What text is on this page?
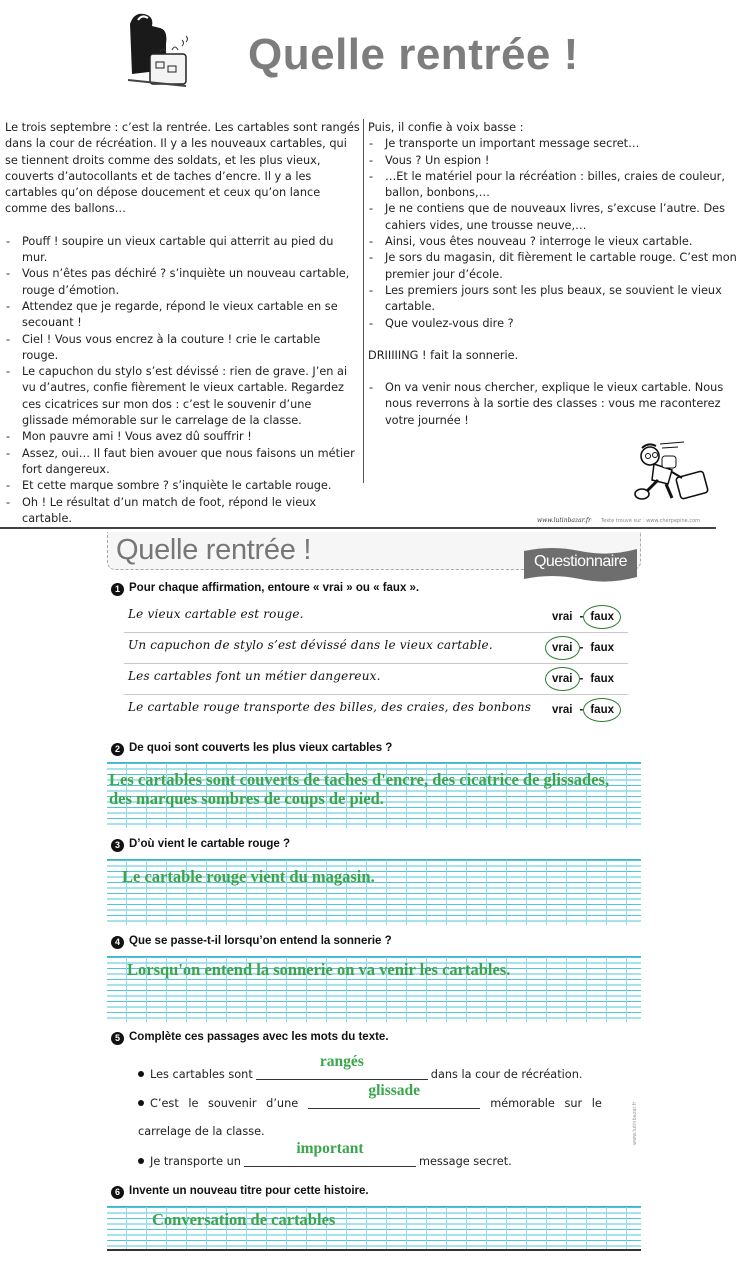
Quelle rentrée !

Le trois septembre : c’est la rentrée. Les cartables sont rangés dans la cour de récréation. Il y a les nouveaux cartables, qui se tiennent droits comme des soldats, et les plus vieux, couverts d’autocollants et de taches d’encre. Il y a les cartables qu’on dépose doucement et ceux qu’on lance comme des ballons…

- Pouff ! soupire un vieux cartable qui atterrit au pied du mur.
- Vous n’êtes pas déchiré ? s’inquiète un nouveau cartable, rouge d’émotion.
- Attendez que je regarde, répond le vieux cartable en se secouant !
- Ciel ! Vous vous encrez à la couture ! crie le cartable rouge.
- Le capuchon du stylo s’est dévissé : rien de grave. J’en ai vu d’autres, confie fièrement le vieux cartable. Regardez ces cicatrices sur mon dos : c’est le souvenir d’une glissade mémorable sur le carrelage de la classe.
- Mon pauvre ami ! Vous avez dû souffrir !
- Assez, oui… Il faut bien avouer que nous faisons un métier fort dangereux.
- Et cette marque sombre ? s’inquiète le cartable rouge.
- Oh ! Le résultat d’un match de foot, répond le vieux cartable.

Puis, il confie à voix basse :

- Je transporte un important message secret…
- Vous ? Un espion !
- …Et le matériel pour la récréation : billes, craies de couleur, ballon, bonbons,…
- Je ne contiens que de nouveaux livres, s’excuse l’autre. Des cahiers vides, une trousse neuve,…
- Ainsi, vous êtes nouveau ? interroge le vieux cartable.
- Je sors du magasin, dit fièrement le cartable rouge. C’est mon premier jour d’école.
- Les premiers jours sont les plus beaux, se souvient le vieux cartable.
- Que voulez-vous dire ?

DRIIIIING ! fait la sonnerie.

- On va venir nous chercher, explique le vieux cartable. Nous nous reverrons à la sortie des classes : vous me raconterez votre journée !
www.lutinbazar.fr Texte trouvé sur : www.cherpepine.com
Quelle rentrée !	Questionnaire
1 Pour chaque affirmation, entoure « vrai » ou « faux ».
Le vieux cartable est rouge.	vrai - faux
Un capuchon de stylo s’est dévissé dans le vieux cartable.	vrai - faux
Les cartables font un métier dangereux.	vrai - faux
Le cartable rouge transporte des billes, des craies, des bonbons vrai - faux
2 De quoi sont couverts les plus vieux cartables ?
Les cartables sont couverts de taches d'encre, des cicatrice de glissades,
des marques sombres de coups de pied.
3 D’où vient le cartable rouge ?
Le cartable rouge vient du magasin.
4 Que se passe-t-il lorsqu’on entend la sonnerie ?
Lorsqu'on entend la sonnerie on va venir les cartables.
5 Complète ces passages avec les mots du texte.
Les cartables sont
rangés
dans la cour de récréation.
C’est le souvenir d’une
glissade
mémorable sur le
carrelage de la classe.
Je transporte un
important
message secret.
www.lutinbazar.fr
6 Invente un nouveau titre pour cette histoire.
Conversation de cartables
